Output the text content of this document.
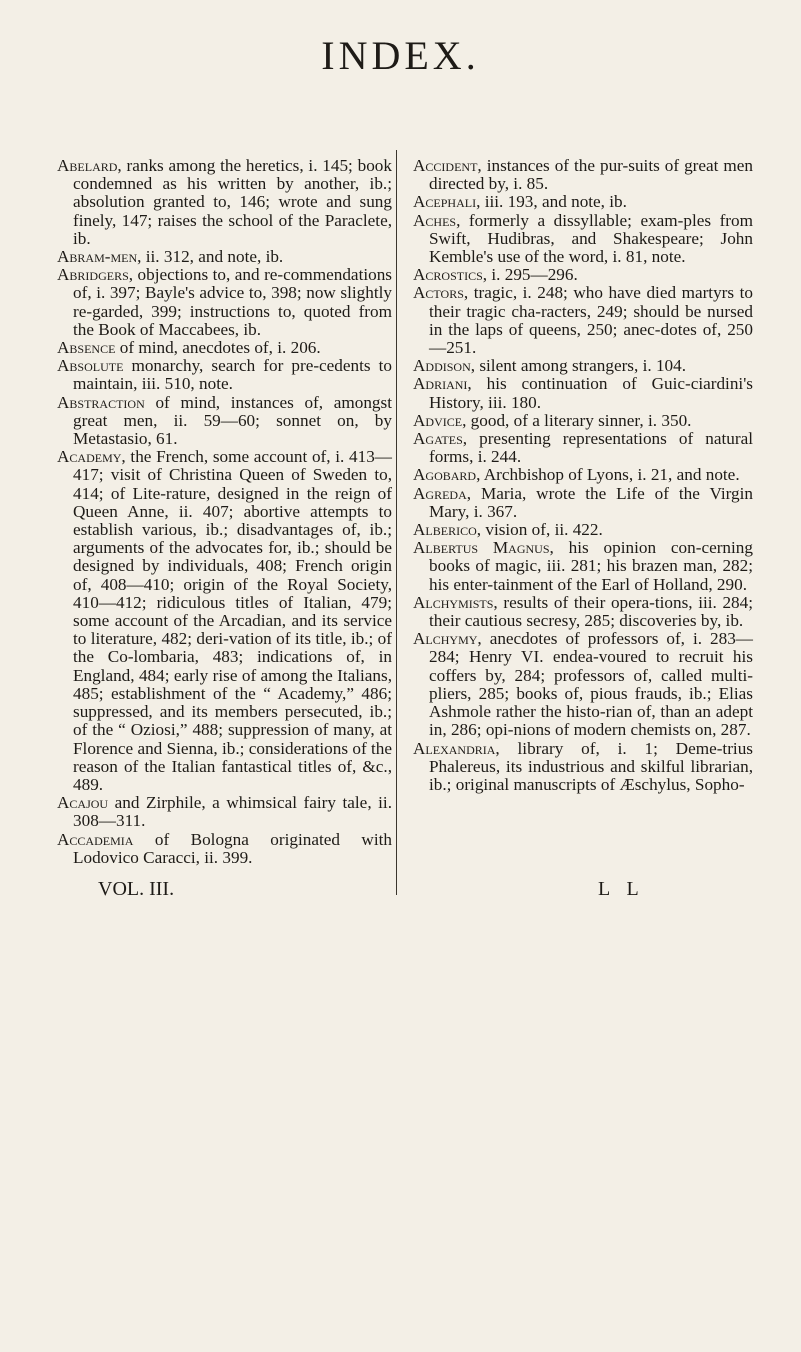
INDEX.

Abelard, ranks among the heretics, i. 145; book condemned as his written by another, ib.; absolution granted to, 146; wrote and sung finely, 147; raises the school of the Paraclete, ib.

Abram-men, ii. 312, and note, ib.

Abridgers, objections to, and re-commendations of, i. 397; Bayle's advice to, 398; now slightly re-garded, 399; instructions to, quoted from the Book of Maccabees, ib.

Absence of mind, anecdotes of, i. 206.

Absolute monarchy, search for pre-cedents to maintain, iii. 510, note.

Abstraction of mind, instances of, amongst great men, ii. 59—60; sonnet on, by Metastasio, 61.

Academy, the French, some account of, i. 413—417; visit of Christina Queen of Sweden to, 414; of Lite-rature, designed in the reign of Queen Anne, ii. 407; abortive attempts to establish various, ib.; disadvantages of, ib.; arguments of the advocates for, ib.; should be designed by individuals, 408; French origin of, 408—410; origin of the Royal Society, 410—412; ridiculous titles of Italian, 479; some account of the Arcadian, and its service to literature, 482; deri-vation of its title, ib.; of the Co-lombaria, 483; indications of, in England, 484; early rise of among the Italians, 485; establishment of the “ Academy,” 486; suppressed, and its members persecuted, ib.; of the “ Oziosi,” 488; suppression of many, at Florence and Sienna, ib.; considerations of the reason of the Italian fantastical titles of, &c., 489.

Acajou and Zirphile, a whimsical fairy tale, ii. 308—311.

Accademia of Bologna originated with Lodovico Caracci, ii. 399.

Accident, instances of the pur-suits of great men directed by, i. 85.

Acephali, iii. 193, and note, ib.

Aches, formerly a dissyllable; exam-ples from Swift, Hudibras, and Shakespeare; John Kemble's use of the word, i. 81, note.

Acrostics, i. 295—296.

Actors, tragic, i. 248; who have died martyrs to their tragic cha-racters, 249; should be nursed in the laps of queens, 250; anec-dotes of, 250—251.

Addison, silent among strangers, i. 104.

Adriani, his continuation of Guic-ciardini's History, iii. 180.

Advice, good, of a literary sinner, i. 350.

Agates, presenting representations of natural forms, i. 244.

Agobard, Archbishop of Lyons, i. 21, and note.

Agreda, Maria, wrote the Life of the Virgin Mary, i. 367.

Alberico, vision of, ii. 422.

Albertus Magnus, his opinion con-cerning books of magic, iii. 281; his brazen man, 282; his enter-tainment of the Earl of Holland, 290.

Alchymists, results of their opera-tions, iii. 284; their cautious secresy, 285; discoveries by, ib.

Alchymy, anecdotes of professors of, i. 283—284; Henry VI. endea-voured to recruit his coffers by, 284; professors of, called multi-pliers, 285; books of, pious frauds, ib.; Elias Ashmole rather the histo-rian of, than an adept in, 286; opi-nions of modern chemists on, 287.

Alexandria, library of, i. 1; Deme-trius Phalereus, its industrious and skilful librarian, ib.; original manuscripts of Æschylus, Sopho-

VOL. III.	L L
